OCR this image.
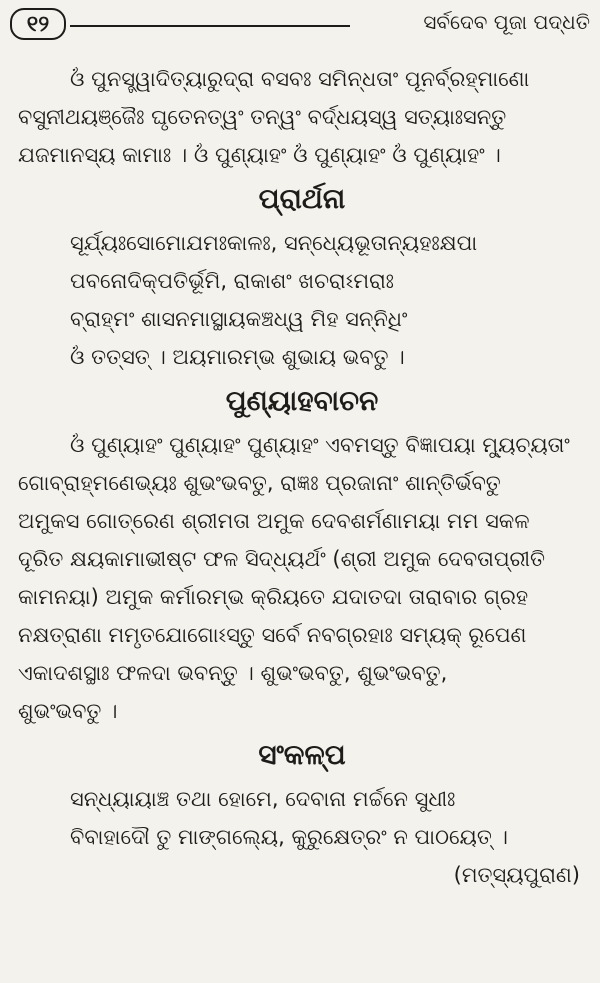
୧୨	ସର୍ବଦେବ ପୂଜା ପଦ୍ଧତି
ଓଁ ପୁନସ୍ତ୍ୱାଦିତ୍ୟାରୁଦ୍ରା ବସବଃ ସମିନ୍ଧତାଂ ପୂନର୍ବ୍ରହ୍ମାଣୋ
ବସୁନୀଥୟଞ୍ଜୈଃ ଘୃତେନତ୍ୱଂ ତନ୍ୱଂ ବର୍ଦ୍ଧୟସ୍ୱ ସତ୍ୟାଃସନ୍ତୁ
ଯଜମାନସ୍ୟ କାମାଃ । ଓଁ ପୁଣ୍ୟାହଂ ଓଁ ପୁଣ୍ୟାହଂ ଓଁ ପୁଣ୍ୟାହଂ ।
ପ୍ରାର୍ଥନା
ସୂର୍ଯ୍ୟଃସୋମୋଯମଃକାଳଃ, ସନ୍ଧ୍ୟେଭୂତାନ୍ୟହଃକ୍ଷପା
ପବନୋଦିକ୍‌ପତିର୍ଭୂମି, ରାକାଶଂ ଖଚରାଽମରାଃ
ବ୍ରାହ୍ମଂ ଶାସନମାସ୍ଥାୟକଞ୍ଚଧ୍ୱ ମିହ ସନ୍ନିଧିଂ
ଓଁ ତତ୍‌ସତ୍ । ଅୟମାରମ୍ଭ ଶୁଭାୟ ଭବତୁ ।
ପୁଣ୍ୟାହବାଚନ
ଓଁ ପୁଣ୍ୟାହଂ ପୁଣ୍ୟାହଂ ପୁଣ୍ୟାହଂ ଏବମସ୍ତୁ ବିଜ୍ଞାପୟା ମ୍ୟୁଚ୍ୟତାଂ
ଗୋବ୍ରାହ୍ମଣେଭ୍ୟଃ ଶୁଭଂଭବତୁ, ରାଜ୍ଞଃ ପ୍ରଜାନାଂ ଶାନ୍ତିର୍ଭବତୁ
ଅମୁକସ ଗୋତ୍ରେଣ ଶ୍ରୀମତା ଅମୁକ ଦେବଶର୍ମଣାମୟା ମମ ସକଳ
ଦୂରିତ କ୍ଷୟକାମାଭୀଷ୍ଟ ଫଳ ସିଦ୍ଧ୍ୟର୍ଥଂ (ଶ୍ରୀ ଅମୁକ ଦେବତାପ୍ରୀତି
କାମନୟା) ଅମୁକ କର୍ମାରମ୍ଭ କ୍ରିୟତେ ଯଦାତଦା ତାରାବାର ଗ୍ରହ
ନକ୍ଷତ୍ରାଣା ମମୃତଯୋଗୋଽସ୍ତୁ ସର୍ବେ ନବଗ୍ରହାଃ ସମ୍ୟକ୍ ରୂପେଣ
ଏକାଦଶସ୍ଥାଃ ଫଳଦା ଭବନ୍ତୁ । ଶୁଭଂଭବତୁ, ଶୁଭଂଭବତୁ,
ଶୁଭଂଭବତୁ ।
ସଂକଳ୍ପ
ସନ୍ଧ୍ୟାୟାଞ୍ଚ ତଥା ହୋମେ, ଦେବାନା ମର୍ଚ୍ଚନେ ସୁଧୀଃ
ବିବାହାଦୌ ତୁ ମାଙ୍ଗଲ୍ୟେ, କୁରୁକ୍ଷେତ୍ରଂ ନ ପାଠୟେତ୍ ।
(ମତ୍ସ୍ୟପୁରାଣ)
